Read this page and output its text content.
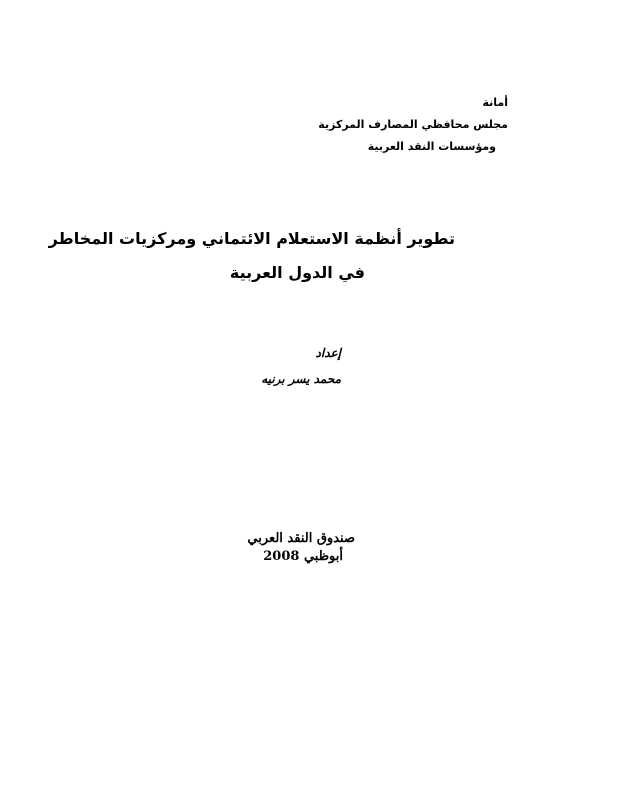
أمانة
مجلس محافظي المصارف المركزية
ومؤسسات النقد العربية
تطوير أنظمة الاستعلام الائتماني ومركزيات المخاطر
في الدول العربية
إعداد
محمد يسر برنيه
صندوق النقد العربي
أبوظبي 2008
